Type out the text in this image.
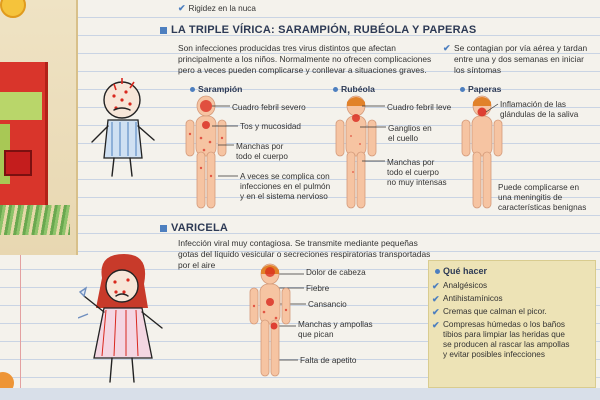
✔ Rigidez en la nuca
LA TRIPLE VÍRICA: SARAMPIÓN, RUBÉOLA Y PAPERAS
Son infecciones producidas tres virus distintos que afectan
principalmente a los niños. Normalmente no ofrecen complicaciones
pero a veces pueden complicarse y conllevar a situaciones graves.
✔ Se contagian por vía aérea y tardan
entre una y dos semanas en iniciar
los síntomas
Sarampión	Rubéola	Paperas
Cuadro febril severo
Tos y mucosidad
Manchas por
todo el cuerpo
A veces se complica con
infecciones en el pulmón
y en el sistema nervioso
Cuadro febril leve
Ganglios en
el cuello
Manchas por
todo el cuerpo
no muy intensas
Inflamación de las
glándulas de la saliva
Puede complicarse en
una meningitis de
características benignas
VARICELA
Infección viral muy contagiosa. Se transmite mediante pequeñas
gotas del líquido vesicular o secreciones respiratorias transportadas
por el aire
Dolor de cabeza
Fiebre
Cansancio
Manchas y ampollas
que pican
Falta de apetito
Qué hacer
✔ Analgésicos
✔ Antihistamínicos
✔ Cremas que calman el picor.
✔ Compresas húmedas o los baños
tibios para limpiar las heridas que
se producen al rascar las ampollas
y evitar posibles infecciones
